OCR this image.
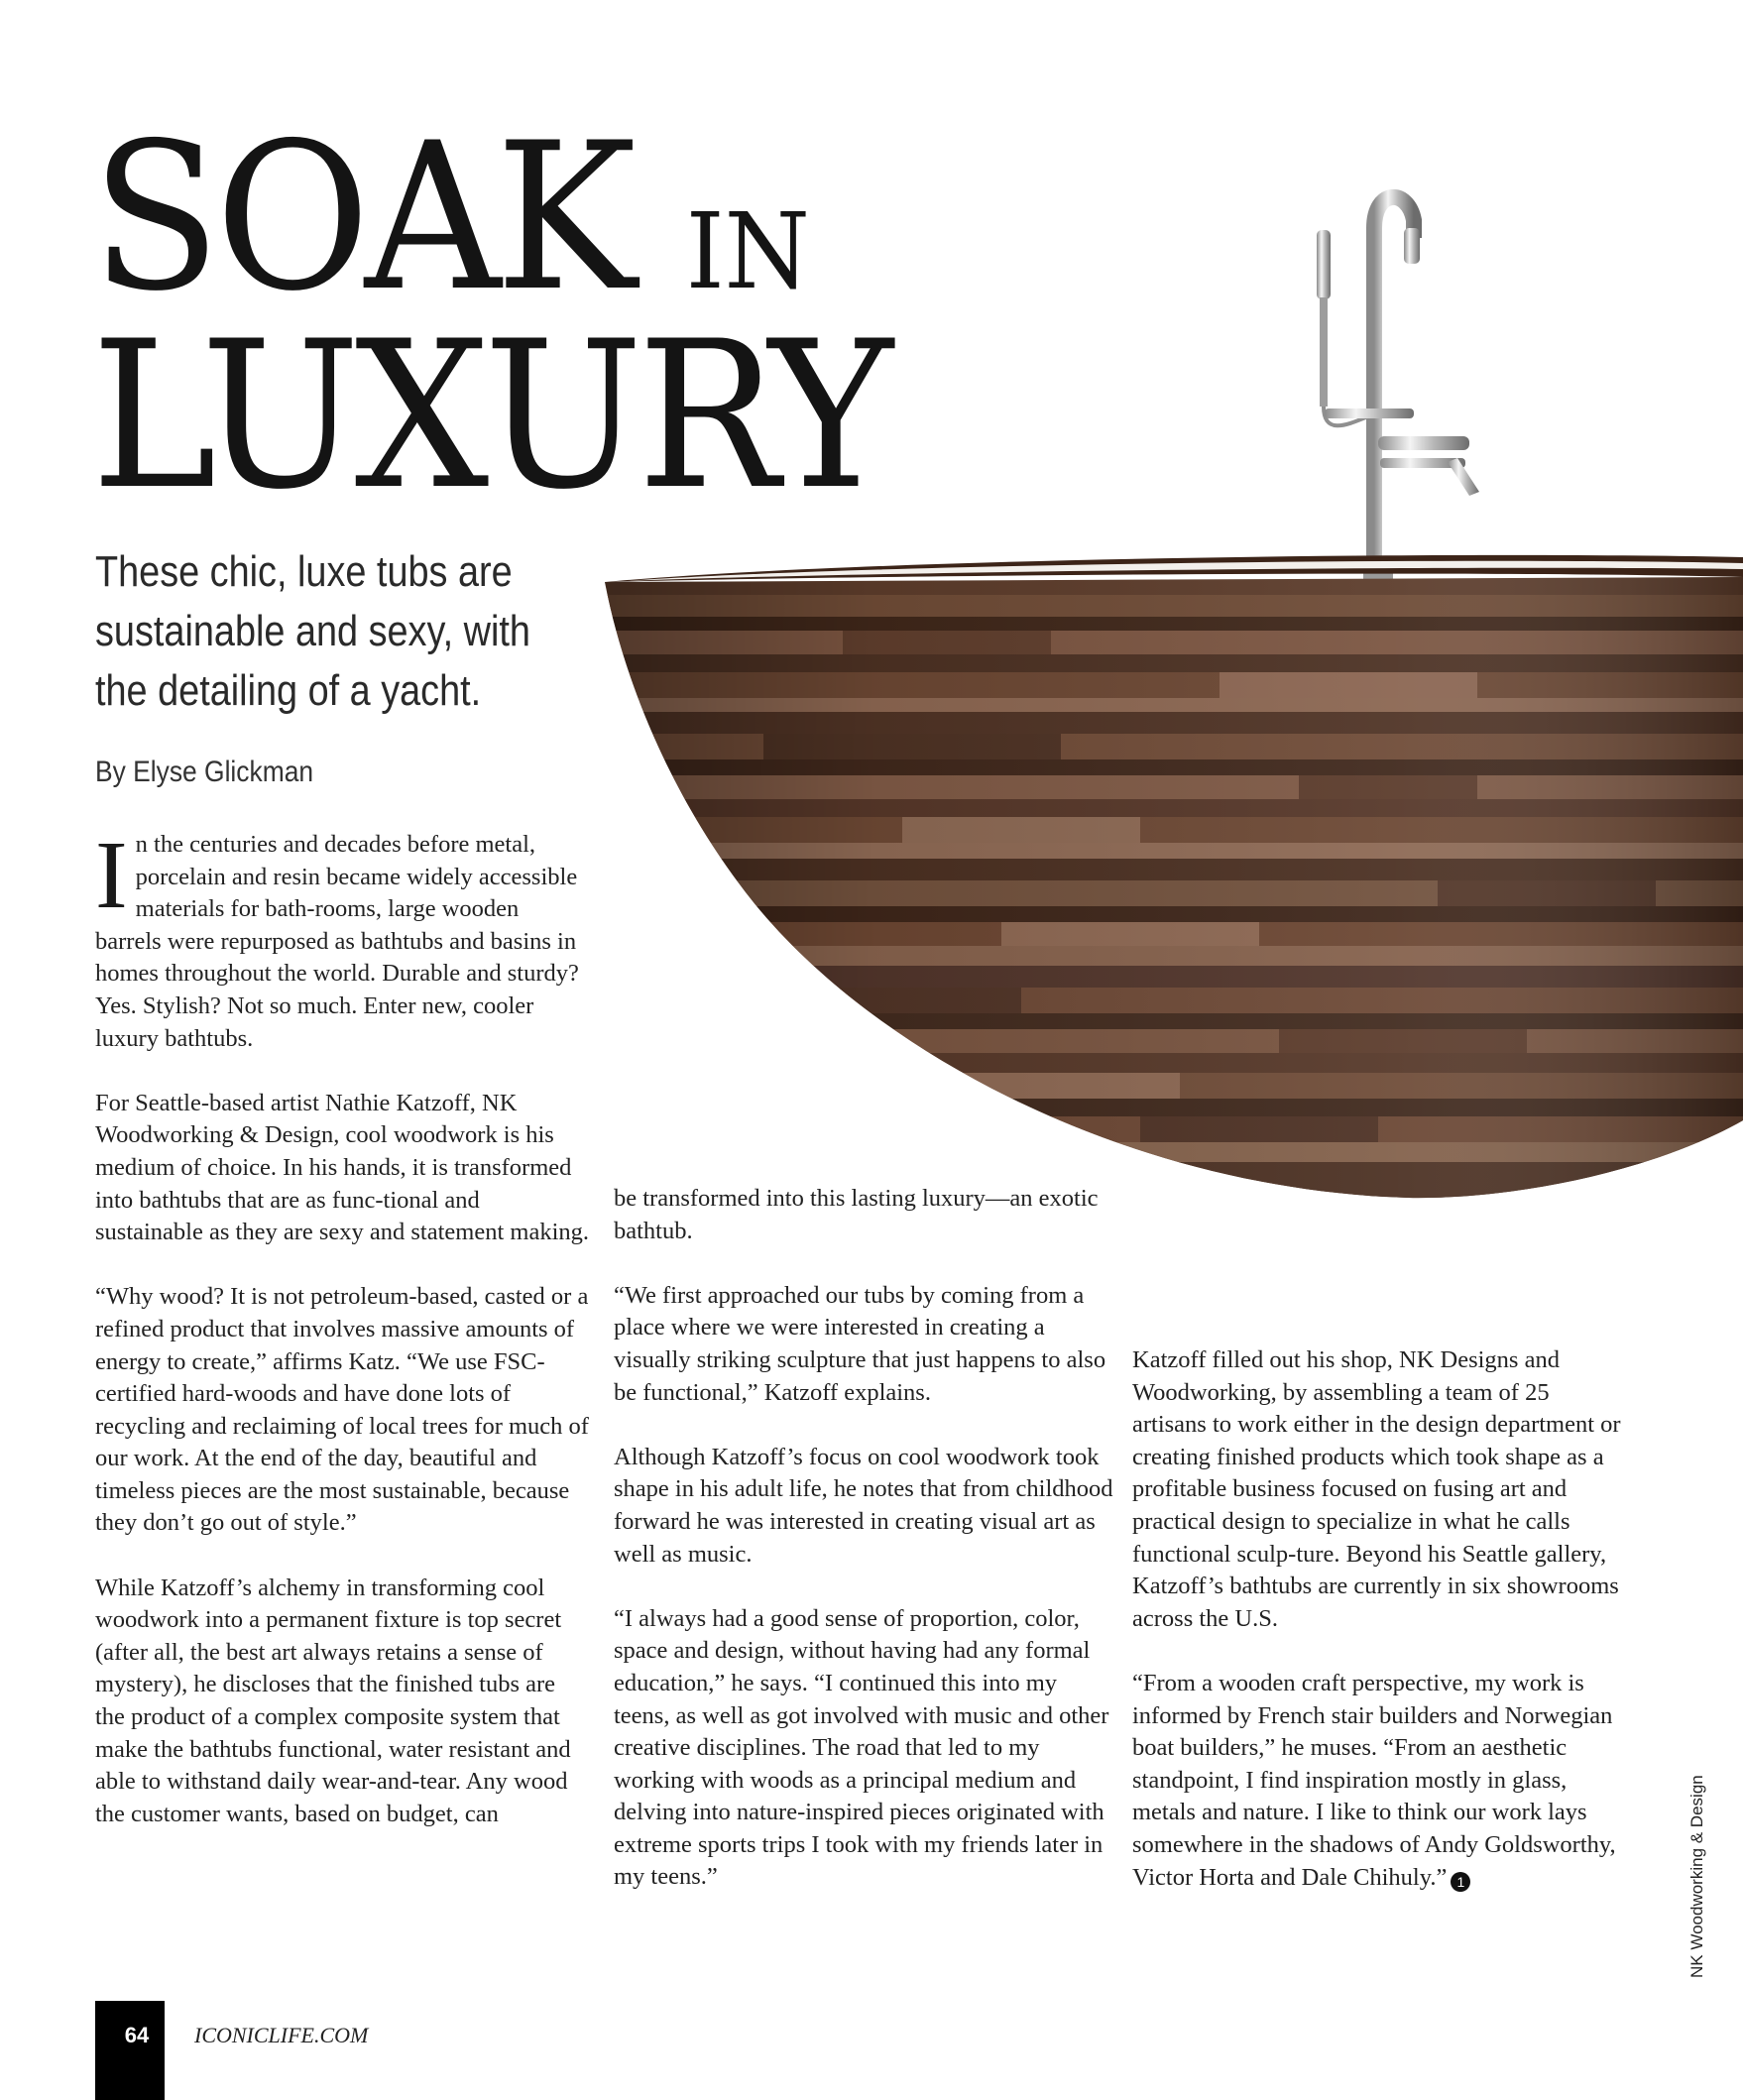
SOAK IN
LUXURY

These chic, luxe tubs are sustainable and sexy, with the detailing of a yacht.

By Elyse Glickman

In the centuries and decades before metal, porcelain and resin became widely accessible materials for bath-rooms, large wooden barrels were repurposed as bathtubs and basins in homes throughout the world. Durable and sturdy? Yes. Stylish? Not so much. Enter new, cooler luxury bathtubs.

For Seattle-based artist Nathie Katzoff, NK Woodworking & Design, cool woodwork is his medium of choice. In his hands, it is transformed into bathtubs that are as func-tional and sustainable as they are sexy and statement making.

“Why wood? It is not petroleum-based, casted or a refined product that involves massive amounts of energy to create,” affirms Katz. “We use FSC-certified hard-woods and have done lots of recycling and reclaiming of local trees for much of our work. At the end of the day, beautiful and timeless pieces are the most sustainable, because they don’t go out of style.”

While Katzoff’s alchemy in transforming cool woodwork into a permanent fixture is top secret (after all, the best art always retains a sense of mystery), he discloses that the finished tubs are the product of a complex composite system that make the bathtubs functional, water resistant and able to withstand daily wear-and-tear. Any wood the customer wants, based on budget, can

be transformed into this lasting luxury—an exotic bathtub.

“We first approached our tubs by coming from a place where we were interested in creating a visually striking sculpture that just happens to also be functional,” Katzoff explains.

Although Katzoff’s focus on cool woodwork took shape in his adult life, he notes that from childhood forward he was interested in creating visual art as well as music.

“I always had a good sense of proportion, color, space and design, without having had any formal education,” he says. “I continued this into my teens, as well as got involved with music and other creative disciplines. The road that led to my working with woods as a principal medium and delving into nature-inspired pieces originated with extreme sports trips I took with my friends later in my teens.”

Katzoff filled out his shop, NK Designs and Woodworking, by assembling a team of 25 artisans to work either in the design department or creating finished products which took shape as a profitable business focused on fusing art and practical design to specialize in what he calls functional sculp-ture. Beyond his Seattle gallery, Katzoff’s bathtubs are currently in six showrooms across the U.S.

“From a wooden craft perspective, my work is informed by French stair builders and Norwegian boat builders,” he muses. “From an aesthetic standpoint, I find inspiration mostly in glass, metals and nature. I like to think our work lays somewhere in the shadows of Andy Goldsworthy, Victor Horta and Dale Chihuly.” 1	NK Woodworking & Design
64	ICONICLIFE.COM
